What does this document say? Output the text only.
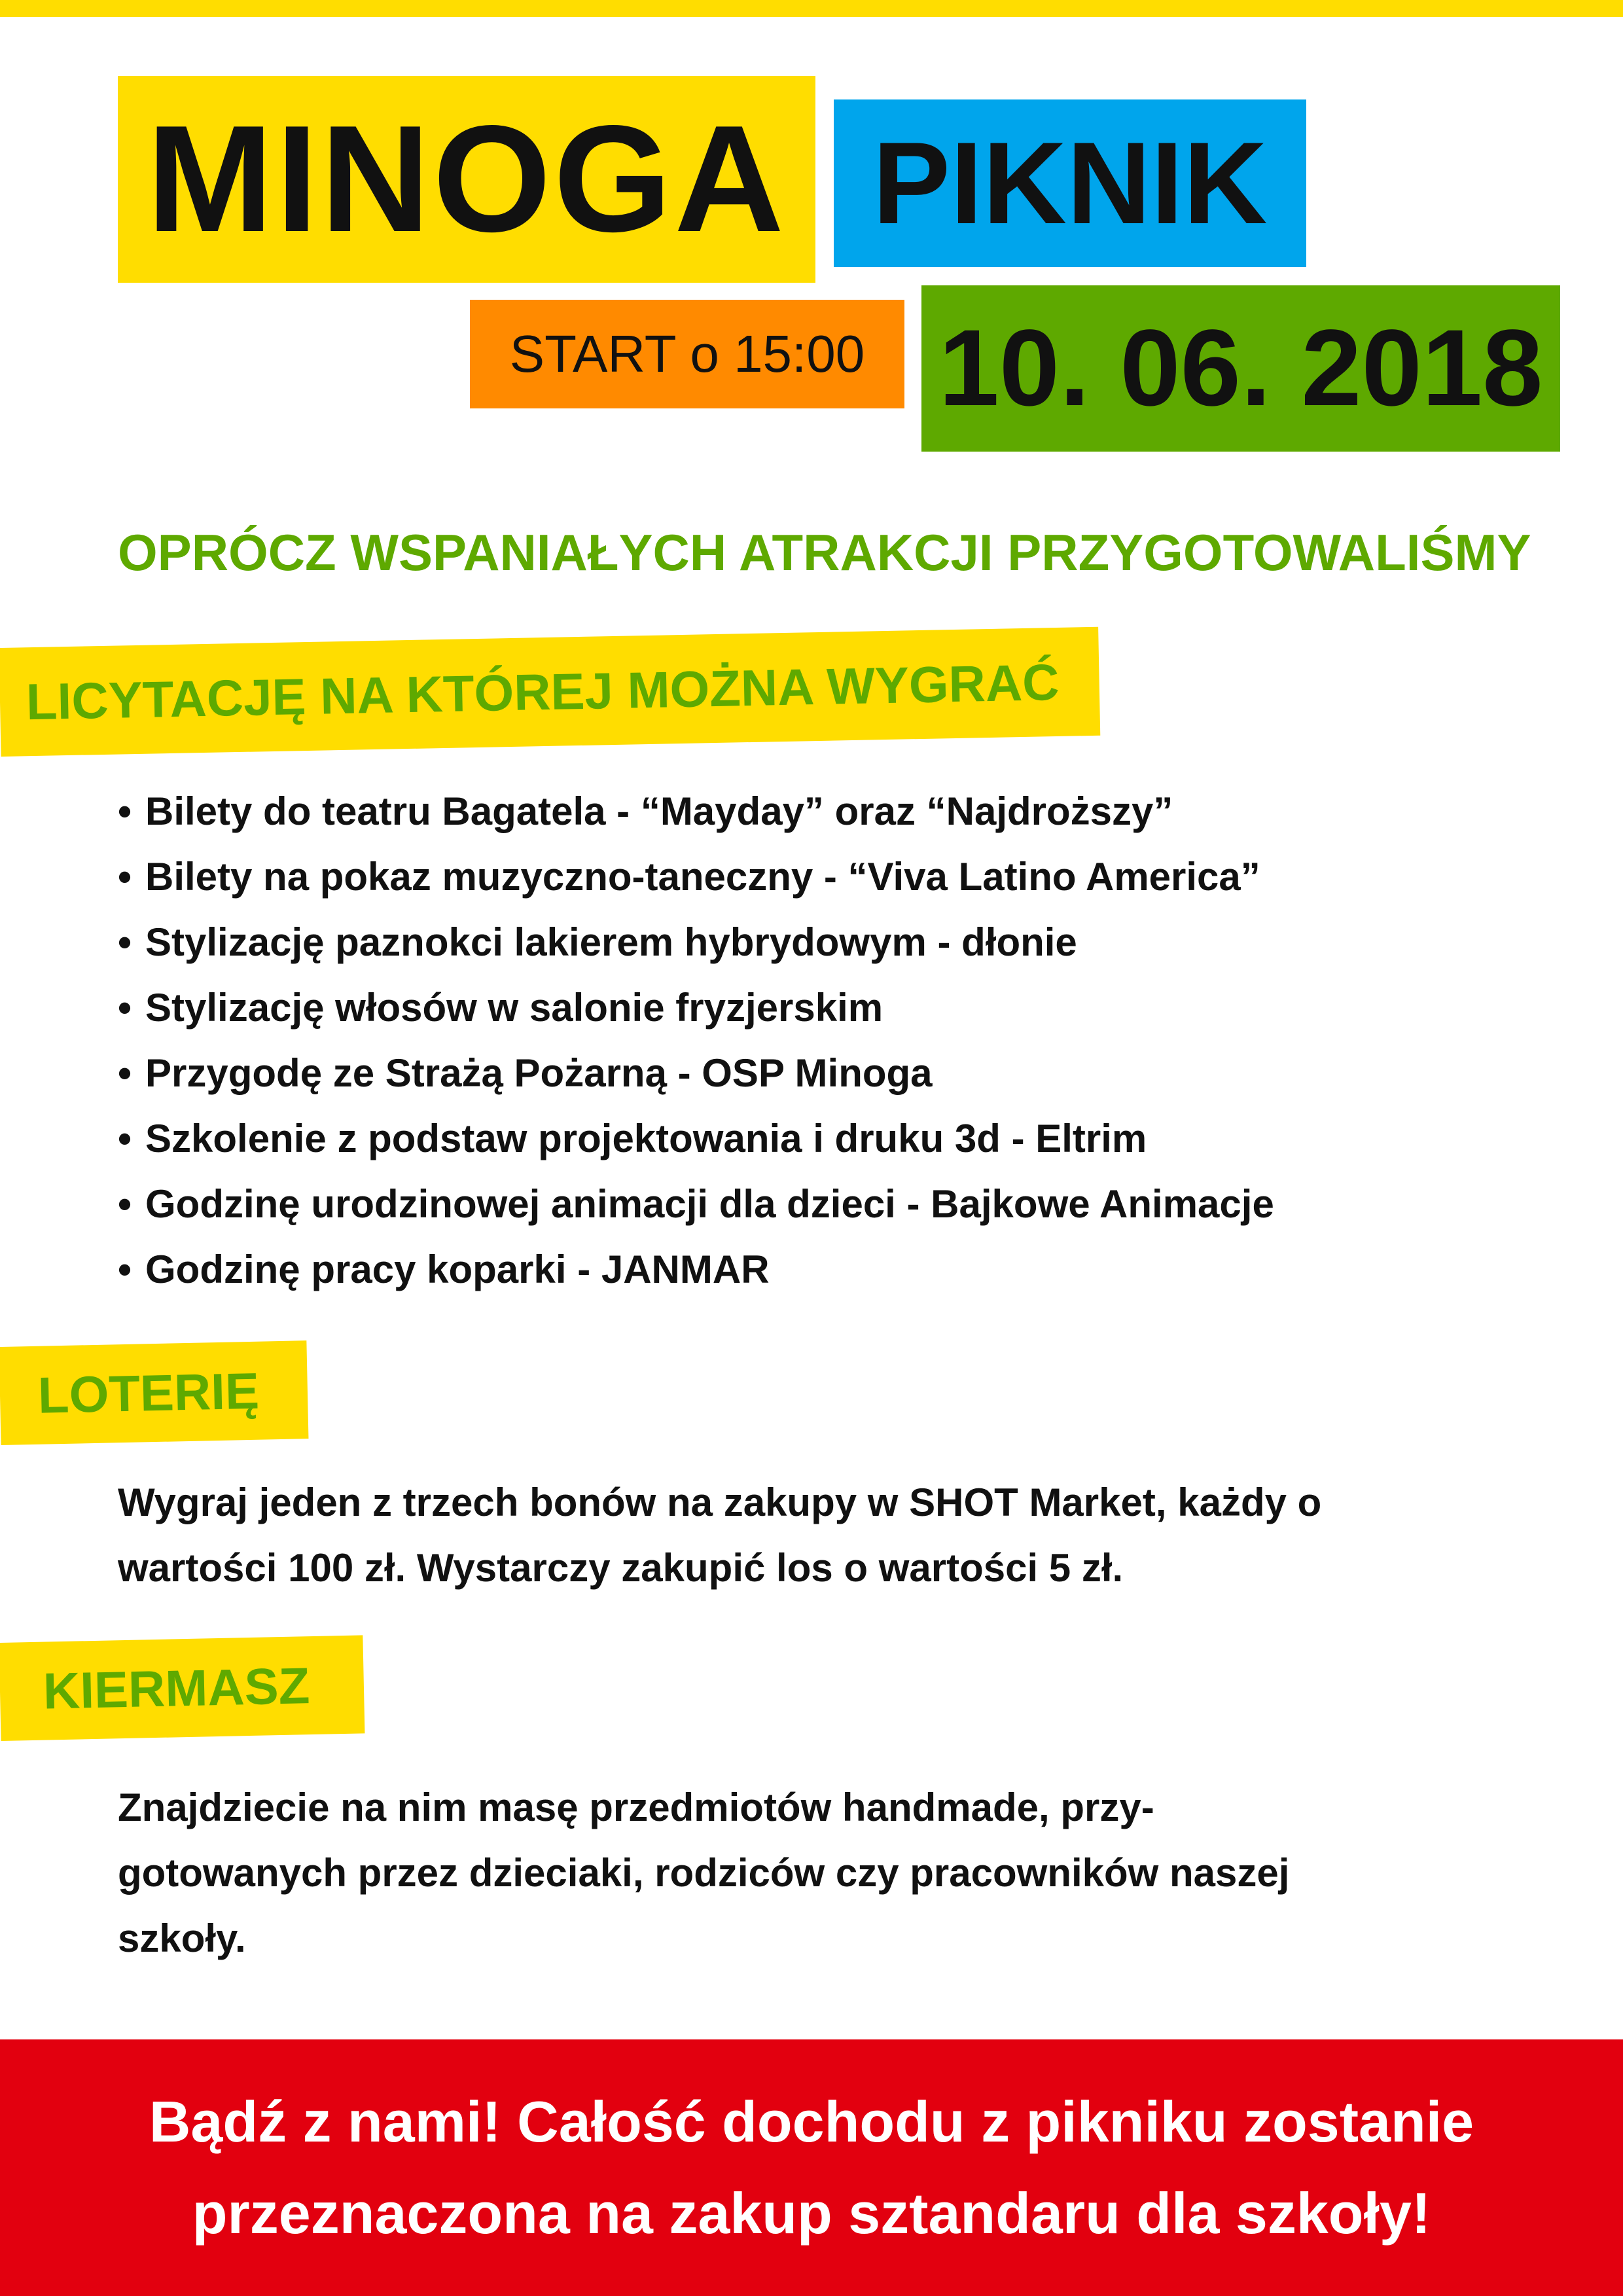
MINOGA PIKNIK
START o 15:00 10. 06. 2018
OPRÓCZ WSPANIAŁYCH ATRAKCJI PRZYGOTOWALIŚMY
LICYTACJĘ NA KTÓREJ MOŻNA WYGRAĆ
• Bilety do teatru Bagatela - “Mayday” oraz “Najdroższy”
• Bilety na pokaz muzyczno-taneczny - “Viva Latino America”
• Stylizację paznokci lakierem hybrydowym - dłonie
• Stylizację włosów w salonie fryzjerskim
• Przygodę ze Strażą Pożarną - OSP Minoga
• Szkolenie z podstaw projektowania i druku 3d - Eltrim
• Godzinę urodzinowej animacji dla dzieci - Bajkowe Animacje
• Godzinę pracy koparki - JANMAR
LOTERIĘ
Wygraj jeden z trzech bonów na zakupy w SHOT Market, każdy o
wartości 100 zł. Wystarczy zakupić los o wartości 5 zł.
KIERMASZ
Znajdziecie na nim masę przedmiotów handmade, przy-
gotowanych przez dzieciaki, rodziców czy pracowników naszej
szkoły.
Bądź z nami! Całość dochodu z pikniku zostanie
przeznaczona na zakup sztandaru dla szkoły!
